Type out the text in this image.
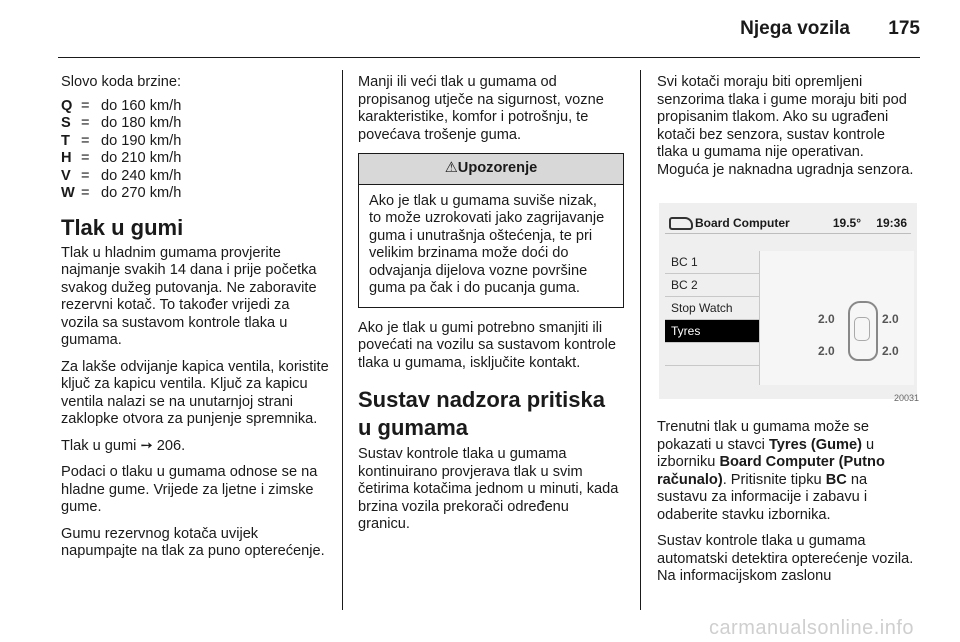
Njega vozila 175

Slovo koda brzine:

Q = do 160 km/h
S = do 180 km/h
T = do 190 km/h
H = do 210 km/h
V = do 240 km/h
W = do 270 km/h
Tlak u gumi

Tlak u hladnim gumama provjerite najmanje svakih 14 dana i prije početka svakog dužeg putovanja. Ne zaboravite rezervni kotač. To također vrijedi za vozila sa sustavom kontrole tlaka u gumama.

Za lakše odvijanje kapica ventila, koristite ključ za kapicu ventila. Ključ za kapicu ventila nalazi se na unutarnjoj strani zaklopke otvora za punjenje spremnika.

Tlak u gumi ➙ 206.

Podaci o tlaku u gumama odnose se na hladne gume. Vrijede za ljetne i zimske gume.

Gumu rezervnog kotača uvijek napumpajte na tlak za puno opterećenje.

Manji ili veći tlak u gumama od propisanog utječe na sigurnost, vozne karakteristike, komfor i potrošnju, te povećava trošenje guma.

⚠Upozorenje
Ako je tlak u gumama suviše nizak, to može uzrokovati jako zagrijavanje guma i unutrašnja oštećenja, te pri velikim brzinama može doći do odvajanja dijelova vozne površine guma pa čak i do pucanja guma.

Ako je tlak u gumi potrebno smanjiti ili povećati na vozilu sa sustavom kontrole tlaka u gumama, isključite kontakt.

Sustav nadzora pritiska u gumama

Sustav kontrole tlaka u gumama kontinuirano provjerava tlak u svim četirima kotačima jednom u minuti, kada brzina vozila prekorači određenu granicu.

Svi kotači moraju biti opremljeni senzorima tlaka i gume moraju biti pod propisanim tlakom. Ako su ugrađeni kotači bez senzora, sustav kontrole tlaka u gumama nije operativan. Moguća je naknadna ugradnja senzora.

Board Computer	19.5° 19:36
BC 1
BC 2
Stop Watch
Tyres
2.0	2.0
2.0	2.0
20031

Trenutni tlak u gumama može se pokazati u stavci Tyres (Gume) u izborniku Board Computer (Putno računalo). Pritisnite tipku BC na sustavu za informacije i zabavu i odaberite stavku izbornika.

Sustav kontrole tlaka u gumama automatski detektira opterećenje vozila. Na informacijskom zaslonu

carmanualsonline.info
